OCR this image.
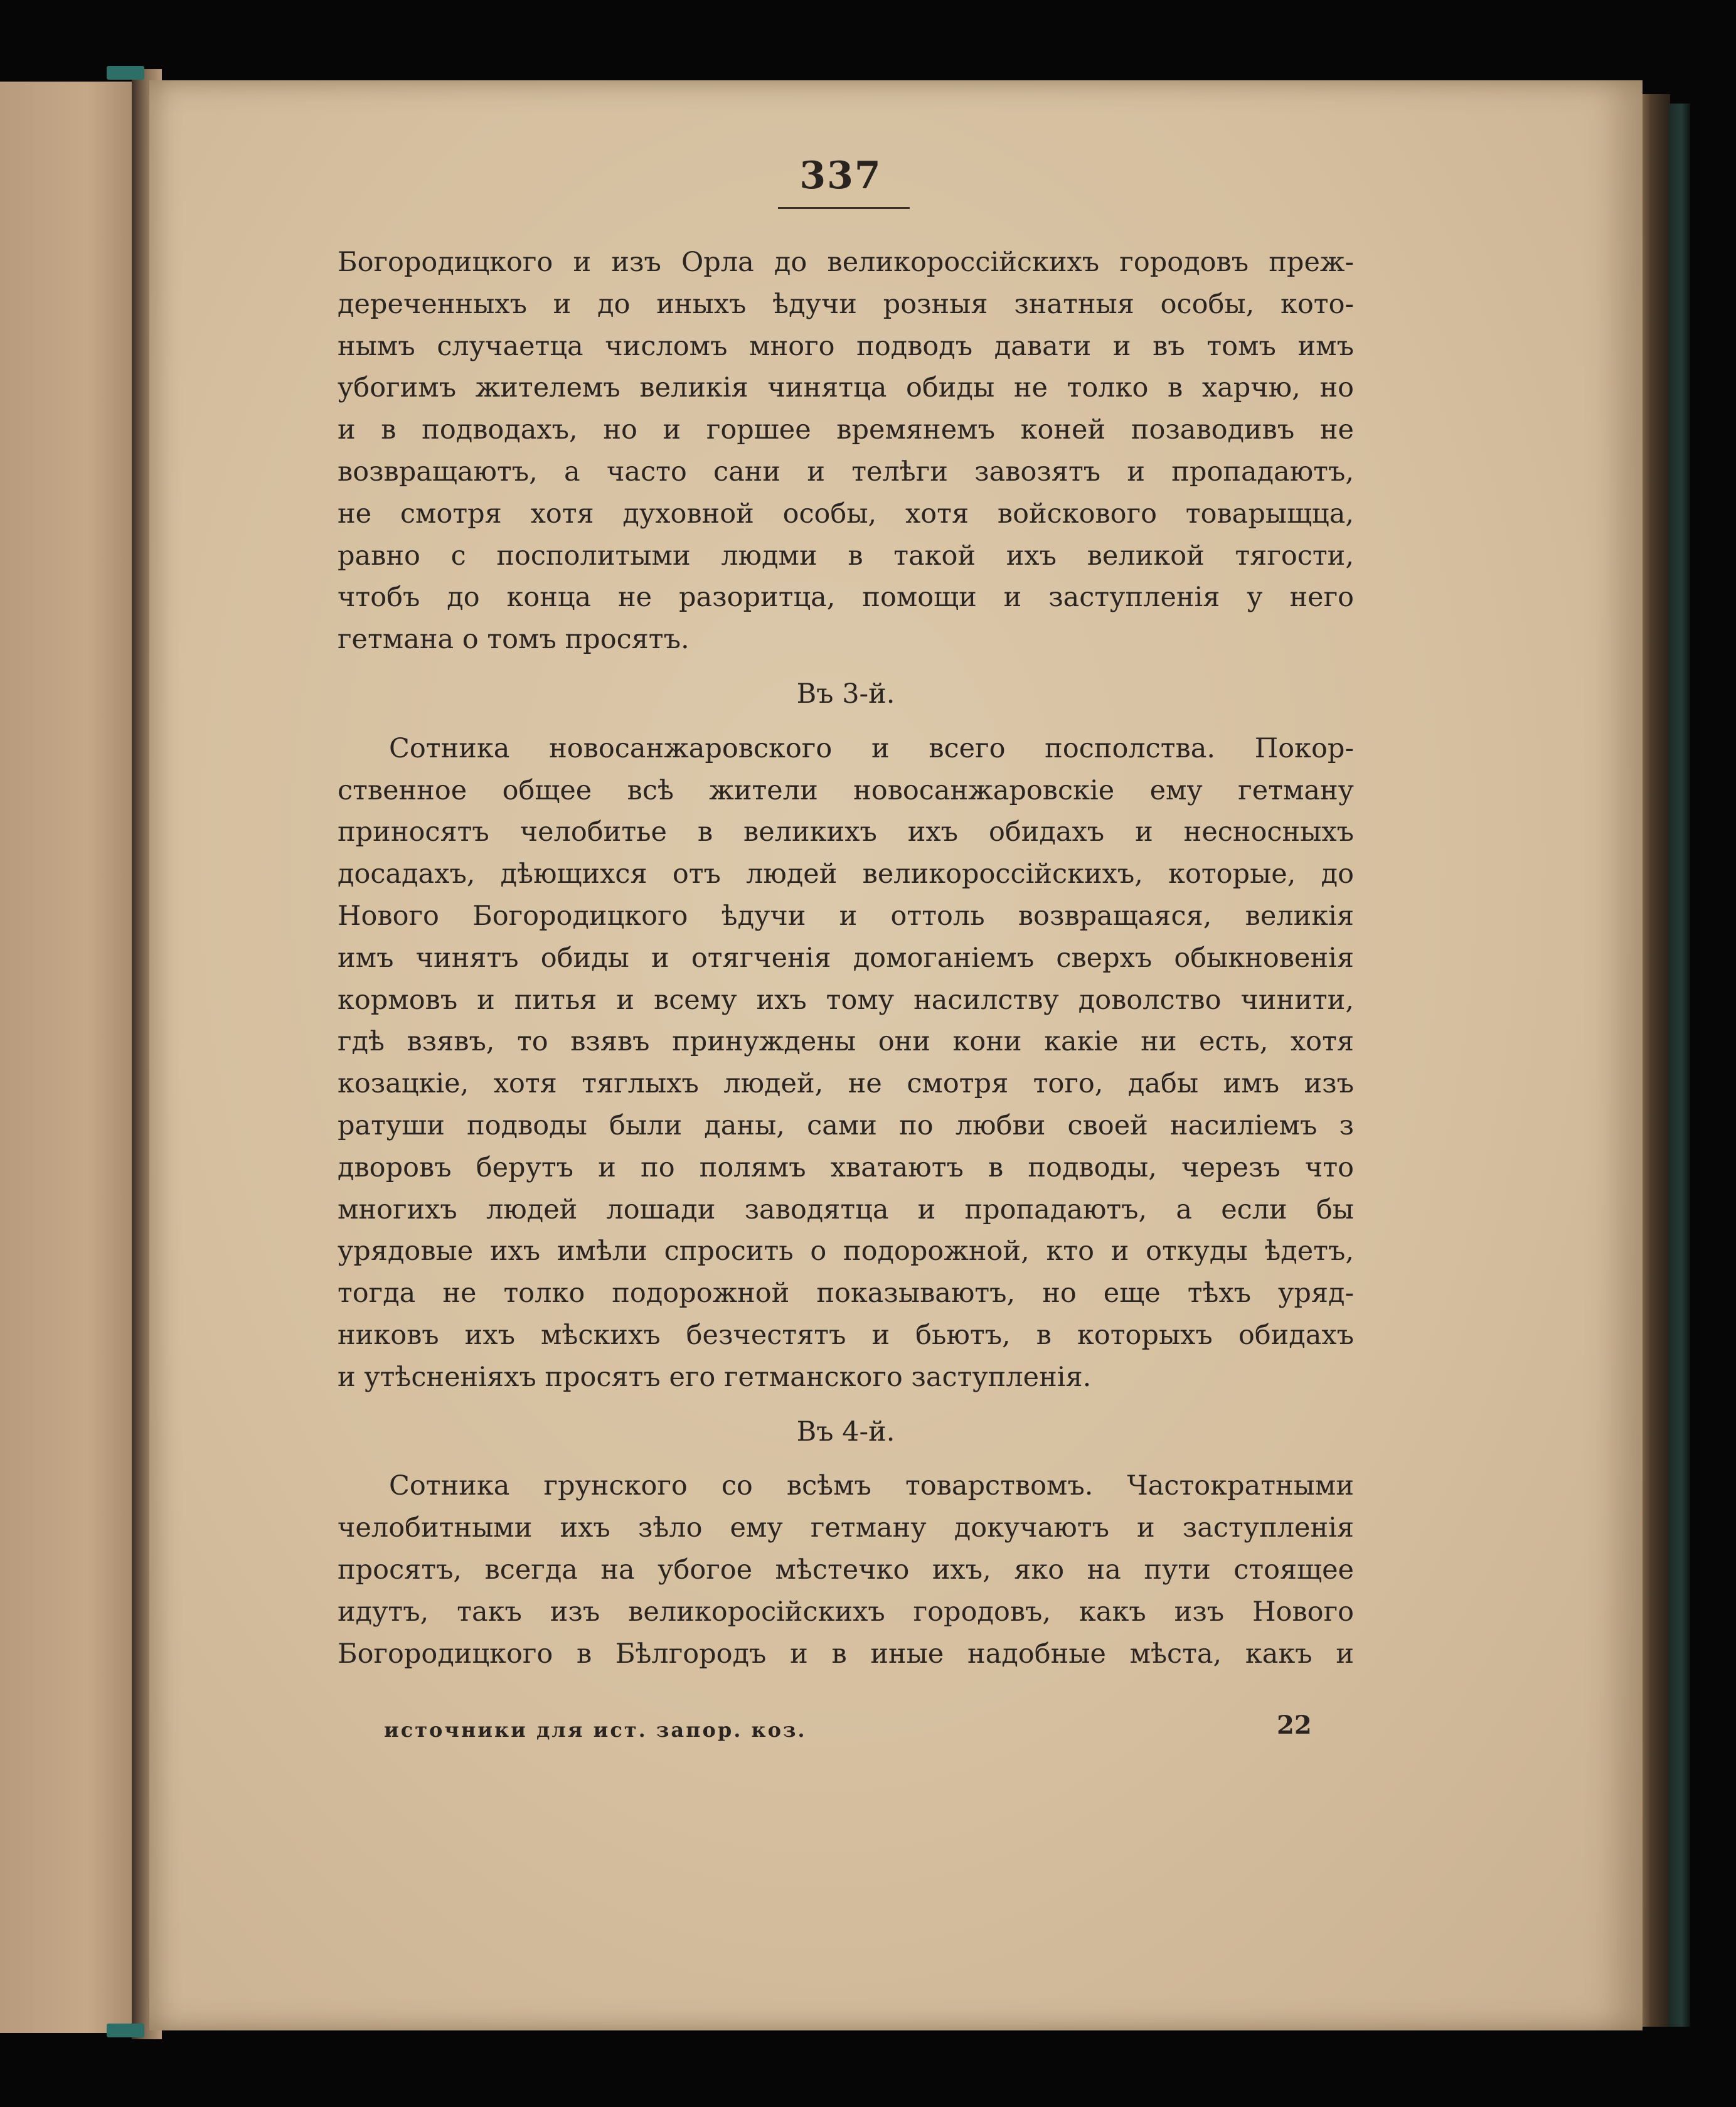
337
Богородицкого и изъ Орла до великороссійскихъ городовъ преж-
дереченныхъ и до иныхъ ѣдучи розныя знатныя особы, кото-
нымъ случаетца числомъ много подводъ давати и въ томъ имъ
убогимъ жителемъ великія чинятца обиды не толко в харчю, но
и в подводахъ, но и горшее времянемъ коней позаводивъ не
возвращаютъ, а часто сани и телѣги завозятъ и пропадаютъ,
не смотря хотя духовной особы, хотя войскового товарыщца,
равно с посполитыми людми в такой ихъ великой тягости,
чтобъ до конца не разоритца, помощи и заступленія у него
гетмана о томъ просятъ.
Въ 3-й.
Сотника новосанжаровского и всего посполства. Покор-
ственное общее всѣ жители новосанжаровскіе ему гетману
приносятъ челобитье в великихъ ихъ обидахъ и несносныхъ
досадахъ, дѣющихся отъ людей великороссійскихъ, которые, до
Нового Богородицкого ѣдучи и оттоль возвращаяся, великія
имъ чинятъ обиды и отягченія домоганіемъ сверхъ обыкновенія
кормовъ и питья и всему ихъ тому насилству доволство чинити,
гдѣ взявъ, то взявъ принуждены они кони какіе ни есть, хотя
козацкіе, хотя тяглыхъ людей, не смотря того, дабы имъ изъ
ратуши подводы были даны, сами по любви своей насиліемъ з
дворовъ берутъ и по полямъ хватаютъ в подводы, черезъ что
многихъ людей лошади заводятца и пропадаютъ, а если бы
урядовые ихъ имѣли спросить о подорожной, кто и откуды ѣдетъ,
тогда не толко подорожной показываютъ, но еще тѣхъ уряд-
никовъ ихъ мѣскихъ безчестятъ и бьютъ, в которыхъ обидахъ
и утѣсненіяхъ просятъ его гетманского заступленія.
Въ 4-й.
Сотника грунского со всѣмъ товарствомъ. Частократными
челобитными ихъ зѣло ему гетману докучаютъ и заступленія
просятъ, всегда на убогое мѣстечко ихъ, яко на пути стоящее
идутъ, такъ изъ великоросійскихъ городовъ, какъ изъ Нового
Богородицкого в Бѣлгородъ и в иные надобные мѣста, какъ и
источники для ист. запор. коз.	22
